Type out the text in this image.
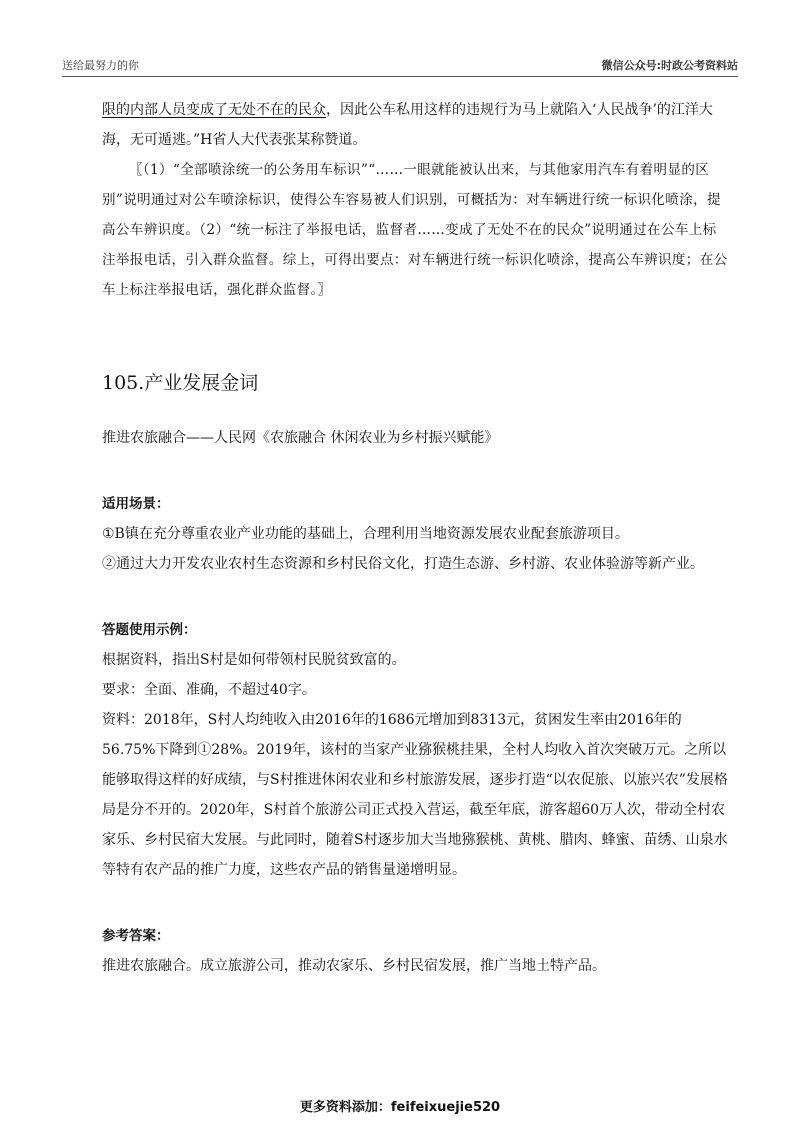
送给最努力的你	微信公众号:时政公考资料站

限的内部人员变成了无处不在的民众，因此公车私用这样的违规行为马上就陷入‘人民战争’的江洋大海，无可遁逃。”H省人大代表张某称赞道。

〖（1）“全部喷涂统一的公务用车标识”“……一眼就能被认出来，与其他家用汽车有着明显的区别”说明通过对公车喷涂标识，使得公车容易被人们识别，可概括为：对车辆进行统一标识化喷涂，提高公车辨识度。（2）“统一标注了举报电话，监督者……变成了无处不在的民众”说明通过在公车上标注举报电话，引入群众监督。综上，可得出要点：对车辆进行统一标识化喷涂，提高公车辨识度；在公车上标注举报电话，强化群众监督。〗

105.产业发展金词

推进农旅融合——人民网《农旅融合 休闲农业为乡村振兴赋能》

适用场景：

①B镇在充分尊重农业产业功能的基础上，合理利用当地资源发展农业配套旅游项目。

②通过大力开发农业农村生态资源和乡村民俗文化，打造生态游、乡村游、农业体验游等新产业。

答题使用示例：

根据资料，指出S村是如何带领村民脱贫致富的。

要求：全面、准确，不超过40字。

资料：2018年，S村人均纯收入由2016年的1686元增加到8313元，贫困发生率由2016年的56.75%下降到①28%。2019年，该村的当家产业猕猴桃挂果，全村人均收入首次突破万元。之所以能够取得这样的好成绩，与S村推进休闲农业和乡村旅游发展，逐步打造“以农促旅、以旅兴农”发展格局是分不开的。2020年，S村首个旅游公司正式投入营运，截至年底，游客超60万人次，带动全村农家乐、乡村民宿大发展。与此同时，随着S村逐步加大当地猕猴桃、黄桃、腊肉、蜂蜜、苗绣、山泉水等特有农产品的推广力度，这些农产品的销售量递增明显。

参考答案：

推进农旅融合。成立旅游公司，推动农家乐、乡村民宿发展，推广当地土特产品。

更多资料添加：feifeixuejie520
